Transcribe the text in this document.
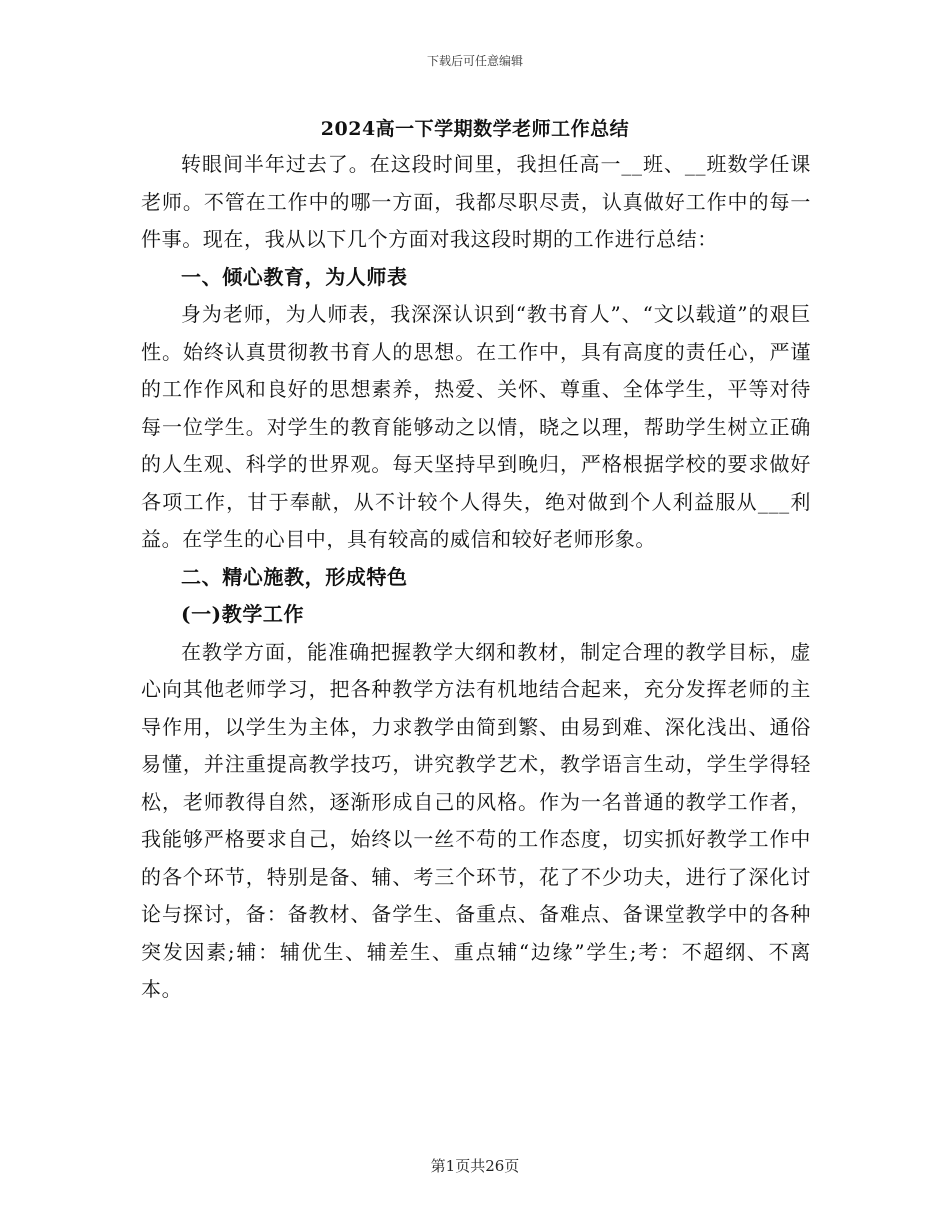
下载后可任意编辑
2024高一下学期数学老师工作总结

转眼间半年过去了。在这段时间里，我担任高一__班、__班数学任课老师。不管在工作中的哪一方面，我都尽职尽责，认真做好工作中的每一件事。现在，我从以下几个方面对我这段时期的工作进行总结：

一、倾心教育，为人师表

身为老师，为人师表，我深深认识到“教书育人”、“文以载道”的艰巨性。始终认真贯彻教书育人的思想。在工作中，具有高度的责任心，严谨的工作作风和良好的思想素养，热爱、关怀、尊重、全体学生，平等对待每一位学生。对学生的教育能够动之以情，晓之以理，帮助学生树立正确的人生观、科学的世界观。每天坚持早到晚归，严格根据学校的要求做好各项工作，甘于奉献，从不计较个人得失，绝对做到个人利益服从___利益。在学生的心目中，具有较高的威信和较好老师形象。

二、精心施教，形成特色

(一)教学工作

在教学方面，能准确把握教学大纲和教材，制定合理的教学目标，虚心向其他老师学习，把各种教学方法有机地结合起来，充分发挥老师的主导作用，以学生为主体，力求教学由简到繁、由易到难、深化浅出、通俗易懂，并注重提高教学技巧，讲究教学艺术，教学语言生动，学生学得轻松，老师教得自然，逐渐形成自己的风格。作为一名普通的教学工作者，我能够严格要求自己，始终以一丝不苟的工作态度，切实抓好教学工作中的各个环节，特别是备、辅、考三个环节，花了不少功夫，进行了深化讨论与探讨，备：备教材、备学生、备重点、备难点、备课堂教学中的各种突发因素;辅：辅优生、辅差生、重点辅“边缘”学生;考：不超纲、不离本。

第1页共26页
